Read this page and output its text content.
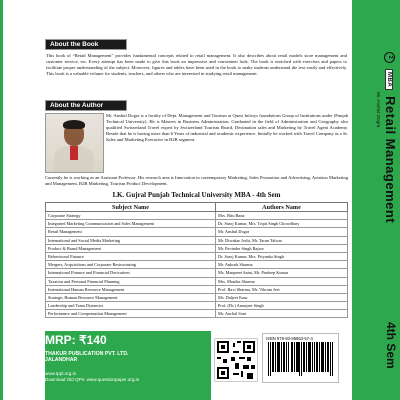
About the Book
This book of “Retail Management” provides fundamental concepts related to retail management. It also describes about retail models store management and customer service, etc. Every attempt has been made to give this book an impressive and convenient look. The book is enriched with exercises and papers to facilitate proper understanding of the subject. Moreover, figures and tables have been used in the book to make students understand the text easily and effectively. This book is a valuable volume for students, teachers, and others who are interested in studying retail management.
About the Author
Mr. Anshul Dogra is a faculty of Dept. Management and Tourism at Quest Infosys foundations Group of Institutions under (Punjab Technical University). He is Masters in Business Administration. Graduated in the field of Administration and Geography also qualified Switzerland Travel expert by Switzerland Tourism Board, Destination sales and Marketing by Travel Agent Academy. Beside that he is having more than 6 Years of industrial and academic experience. Initially he worked with Travel Company as a Sr. Sales and Marketing Executive in B2B segment.
Currently he is working as an Assistant Professor. His research area is Innovation in contemporary Marketing, Sales Promotion and Advertising, Aviation Marketing and Management, B2B Marketing, Tourism Product Development.
I.K. Gujral Punjab Technical University MBA - 4th Sem
Subject Name	Authors Name
Corporate Strategy	Mrs. Ritu Rana
Integrated Marketing Communication and Sales Management	Dr. Saroj Kumar, Mrs. Tripti Singh Chowdhary
Retail Management	Mr. Anshul Dogra
International and Social Media Marketing	Mr. Diwakar Joshi, Mr. Tarun Talwar
Product & Brand Management	Mr. Pavinder Singh Bajwa
Behavioural Finance	Dr. Saroj Kumar, Mrs. Priyanka Singh
Mergers, Acquisitions and Corporate Restructuring	Mr. Ankush Sharma
International Finance and Financial Derivatives	Ms. Manpreet Saini, Mr. Pardeep Kumar
Taxation and Personal Financial Planning	Mrs. Monika Sharma
International Human Resource Management	Prof. Ravi Sharma, Mr. Vikram Jeet
Strategic Human Resource Management	Ms. Daljeet Kaur
Leadership and Team Dynamics	Prof. (Dr.) Amarjeet Singh
Performance and Compensation Management	Mr. Anchal Soni
MRP: ₹140
THAKUR PUBLICATION PVT. LTD.
JALANDHAR
www.tppl.org.in
Download Old QPs: www.questionpaper.org.in
ISBN 978-93-86863-57-4
2MBARetail Management
Mr. Anshul Dogra
4th Sem
